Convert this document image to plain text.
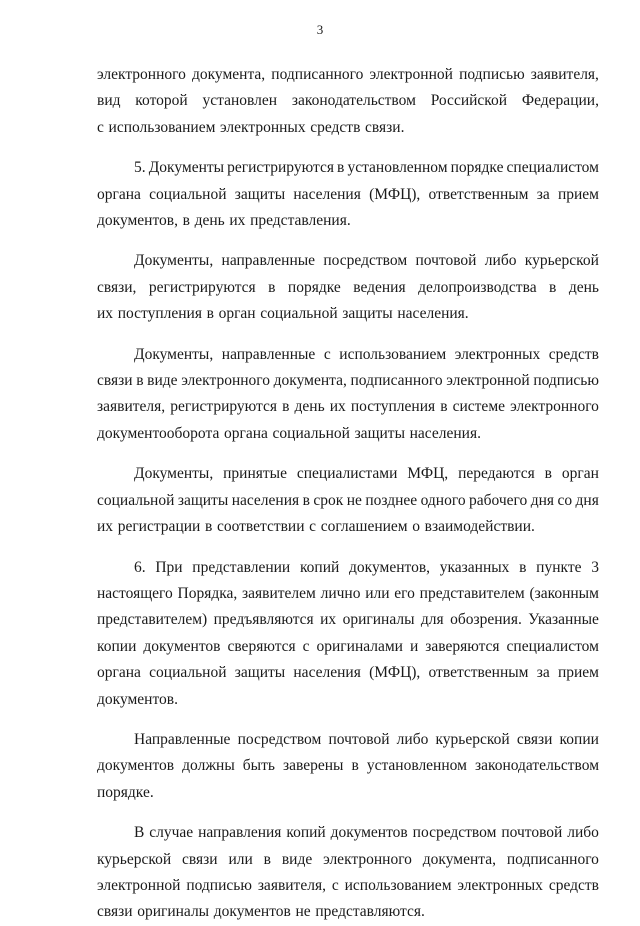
3
электронного документа, подписанного электронной подписью заявителя,
вид которой установлен законодательством Российской Федерации,
с использованием электронных средств связи.
5. Документы регистрируются в установленном порядке специалистом
органа социальной защиты населения (МФЦ), ответственным за прием
документов, в день их представления.
Документы, направленные посредством почтовой либо курьерской
связи, регистрируются в порядке ведения делопроизводства в день
их поступления в орган социальной защиты населения.
Документы, направленные с использованием электронных средств
связи в виде электронного документа, подписанного электронной подписью
заявителя, регистрируются в день их поступления в системе электронного
документооборота органа социальной защиты населения.
Документы, принятые специалистами МФЦ, передаются в орган
социальной защиты населения в срок не позднее одного рабочего дня со дня
их регистрации в соответствии с соглашением о взаимодействии.
6. При представлении копий документов, указанных в пункте 3
настоящего Порядка, заявителем лично или его представителем (законным
представителем) предъявляются их оригиналы для обозрения. Указанные
копии документов сверяются с оригиналами и заверяются специалистом
органа социальной защиты населения (МФЦ), ответственным за прием
документов.
Направленные посредством почтовой либо курьерской связи копии
документов должны быть заверены в установленном законодательством
порядке.
В случае направления копий документов посредством почтовой либо
курьерской связи или в виде электронного документа, подписанного
электронной подписью заявителя, с использованием электронных средств
связи оригиналы документов не представляются.
